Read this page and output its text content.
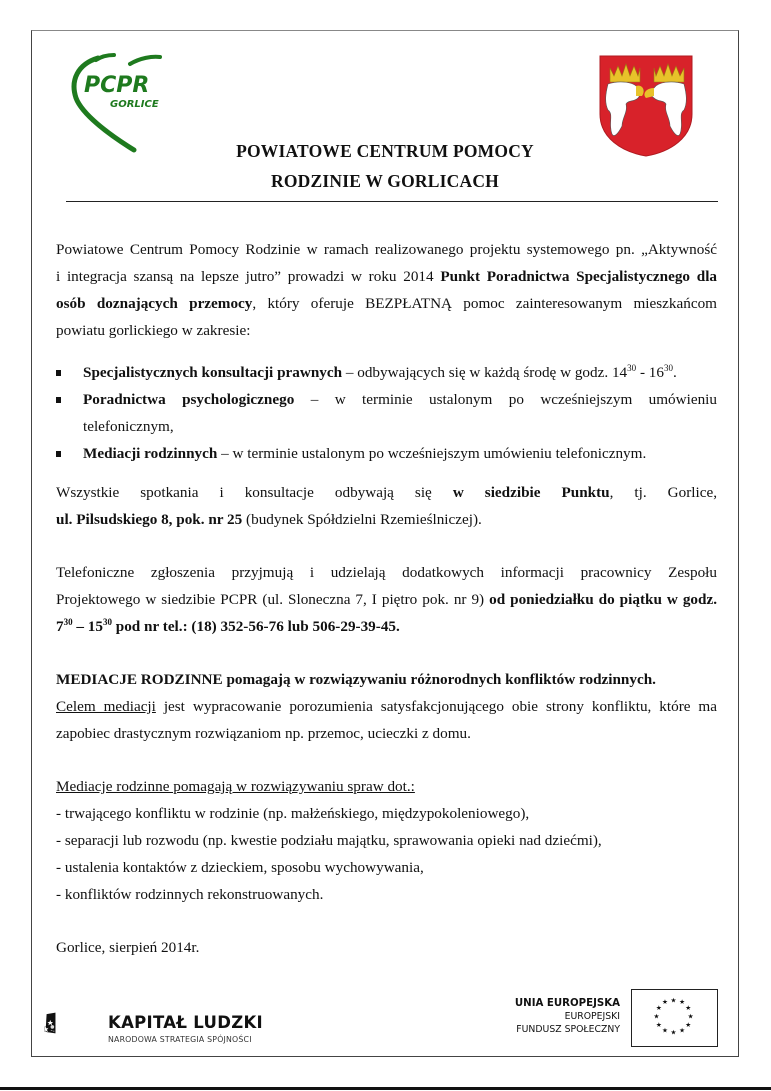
PCPR
GORLICE
POWIATOWE CENTRUM POMOCY
RODZINIE W GORLICACH
Powiatowe Centrum Pomocy Rodzinie w ramach realizowanego projektu systemowego pn. „Aktywność
i integracja szansą na lepsze jutro” prowadzi w roku 2014 Punkt Poradnictwa Specjalistycznego dla
osób doznających przemocy, który oferuje BEZPŁATNĄ pomoc zainteresowanym mieszkańcom
powiatu gorlickiego w zakresie:
Specjalistycznych konsultacji prawnych – odbywających się w każdą środę w godz. $14^{30} - 16^{30}$.
Poradnictwa psychologicznego – w terminie ustalonym po wcześniejszym umówieniu
telefonicznym,
Mediacji rodzinnych – w terminie ustalonym po wcześniejszym umówieniu telefonicznym.
Wszystkie spotkania i konsultacje odbywają się w siedzibie Punktu, tj. Gorlice,
ul. Pilsudskiego 8, pok. nr 25 (budynek Spółdzielni Rzemieślniczej).
Telefoniczne zgłoszenia przyjmują i udzielają dodatkowych informacji pracownicy Zespołu
Projektowego w siedzibie PCPR (ul. Sloneczna 7, I piętro pok. nr 9) od poniedziałku do piątku w godz.
$7^{30} - 15^{30}$ pod nr tel.: (18) 352-56-76 lub 506-29-39-45.
MEDIACJE RODZINNE pomagają w rozwiązywaniu różnorodnych konfliktów rodzinnych.
Celem mediacji jest wypracowanie porozumienia satysfakcjonującego obie strony konfliktu, które ma
zapobiec drastycznym rozwiązaniom np. przemoc, ucieczki z domu.
Mediacje rodzinne pomagają w rozwiązywaniu spraw dot.:
- trwającego konfliktu w rodzinie (np. małżeńskiego, międzypokoleniowego),
- separacji lub rozwodu (np. kwestie podziału majątku, sprawowania opieki nad dziećmi),
- ustalenia kontaktów z dzieckiem, sposobu wychowywania,
- konfliktów rodzinnych rekonstruowanych.
Gorlice, sierpień 2014r.
KAPITAŁ LUDZKI
NARODOWA STRATEGIA SPÓJNOŚCI
UNIA EUROPEJSKA
EUROPEJSKI
FUNDUSZ SPOŁECZNY
★ ★
★
★
★
★
★
★
★
★
★
★
